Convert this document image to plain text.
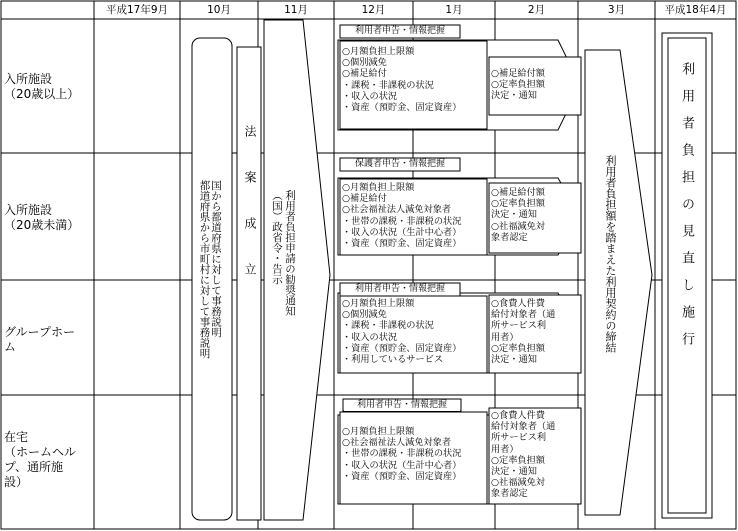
平成17年9月	10月	11月	12月	1月	2月	3月	平成18年4月
入所施設
（20歳以上）
入所施設
（20歳未満）
グループホー
ム
在宅
（ホームヘル
プ、通所施
設）
国から都道府県に対して事務説明
都道府県から市町村に対して事務説明	法案成立	利用者負担申請の勧奨通知
（国）政省令・告示
利用者申告・情報把握
○月額負担上限額
○個別減免
○補足給付
・課税・非課税の状況
・収入の状況
・資産（預貯金、固定資産）
○補足給付額
○定率負担額
決定・通知
保護者申告・情報把握
○月額負担上限額
○補足給付
○社会福祉法人減免対象者
・世帯の課税・非課税の状況
・収入の状況（生計中心者）
・資産（預貯金、固定資産）
○補足給付額
○定率負担額
決定・通知
○社福減免対
象者認定
利用者申告・情報把握
○月額負担上限額
○個別減免
・課税・非課税の状況
・収入の状況
・資産（預貯金、固定資産）
・利用しているサービス
○食費人件費
給付対象者（通
所サービス利
用者）
○定率負担額
決定・通知
利用者申告・情報把握
○月額負担上限額
○社会福祉法人減免対象者
・世帯の課税・非課税の状況
・収入の状況（生計中心者）
・資産（預貯金、固定資産）
○食費人件費
給付対象者（通
所サービス利
用者）
○定率負担額
決定・通知
○社福減免対
象者認定
利用者負担額を踏まえた利用契約の締結	利用者負担の見直し施行
